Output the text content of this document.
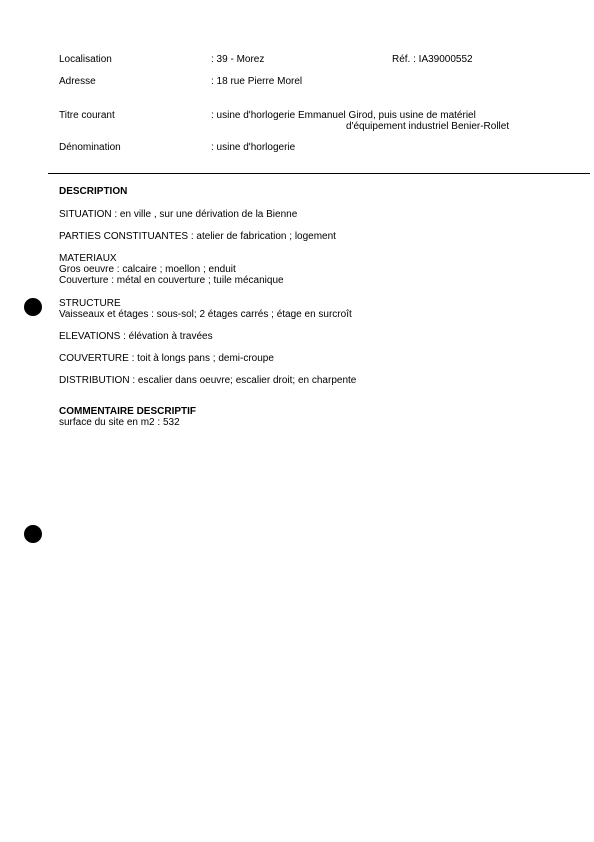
Localisation	: 39 - Morez	Réf. : IA39000552
Adresse	: 18 rue Pierre Morel
Titre courant	: usine d'horlogerie Emmanuel Girod, puis usine de matériel
d'équipement industriel Benier-Rollet
Dénomination	: usine d'horlogerie
DESCRIPTION
SITUATION : en ville , sur une dérivation de la Bienne
PARTIES CONSTITUANTES : atelier de fabrication ; logement
MATERIAUX
Gros oeuvre : calcaire ; moellon ; enduit
Couverture : métal en couverture ; tuile mécanique
STRUCTURE
Vaisseaux et étages : sous-sol; 2 étages carrés ; étage en surcroît
ELEVATIONS : élévation à travées
COUVERTURE : toit à longs pans ; demi-croupe
DISTRIBUTION : escalier dans oeuvre; escalier droit; en charpente
COMMENTAIRE DESCRIPTIF
surface du site en m2 : 532
